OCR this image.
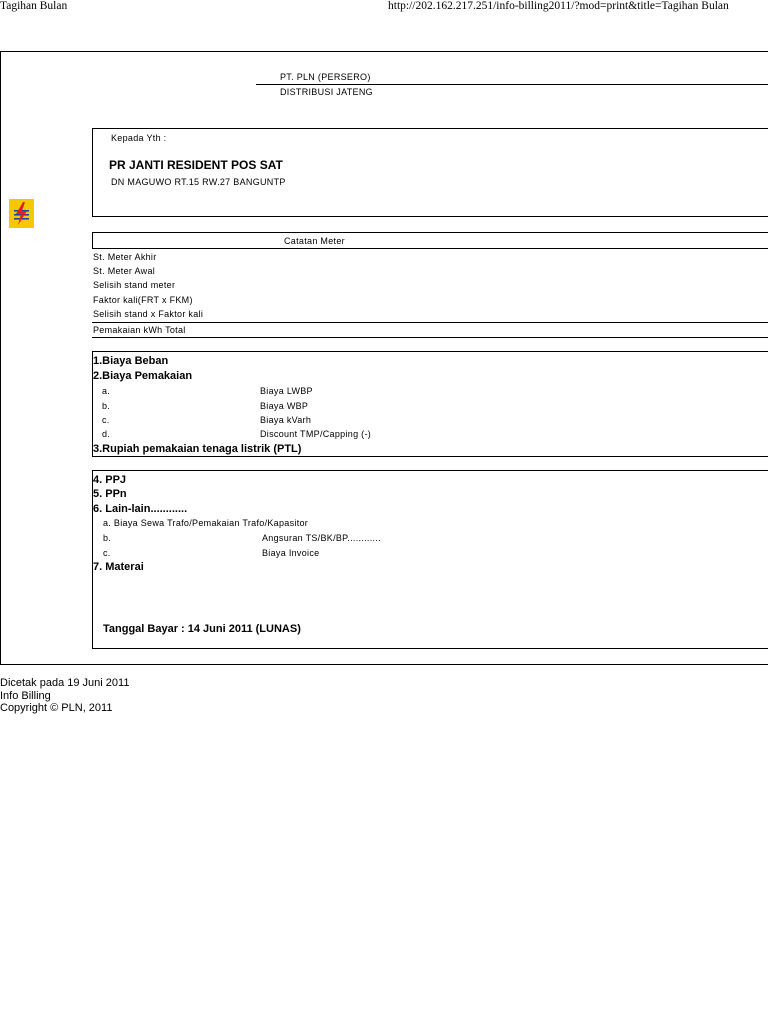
Tagihan Bulan	http://202.162.217.251/info-billing2011/?mod=print&title=Tagihan Bulan
PT. PLN (PERSERO)
DISTRIBUSI JATENG
Kepada Yth :
PR JANTI RESIDENT POS SAT
DN MAGUWO RT.15 RW.27 BANGUNTP
Catatan Meter
St. Meter Akhir
St. Meter Awal
Selisih stand meter
Faktor kali(FRT x FKM)
Selisih stand x Faktor kali
Pemakaian kWh Total
1.Biaya Beban
2.Biaya Pemakaian
a.	Biaya LWBP
b.	Biaya WBP
c.	Biaya kVarh
d.	Discount TMP/Capping (-)
3.Rupiah pemakaian tenaga listrik (PTL)
4. PPJ
5. PPn
6. Lain-lain............
a. Biaya Sewa Trafo/Pemakaian Trafo/Kapasitor
b.	Angsuran TS/BK/BP............
c.	Biaya Invoice
7. Materai
Tanggal Bayar : 14 Juni 2011 (LUNAS)
Dicetak pada 19 Juni 2011
Info Billing
Copyright © PLN, 2011
